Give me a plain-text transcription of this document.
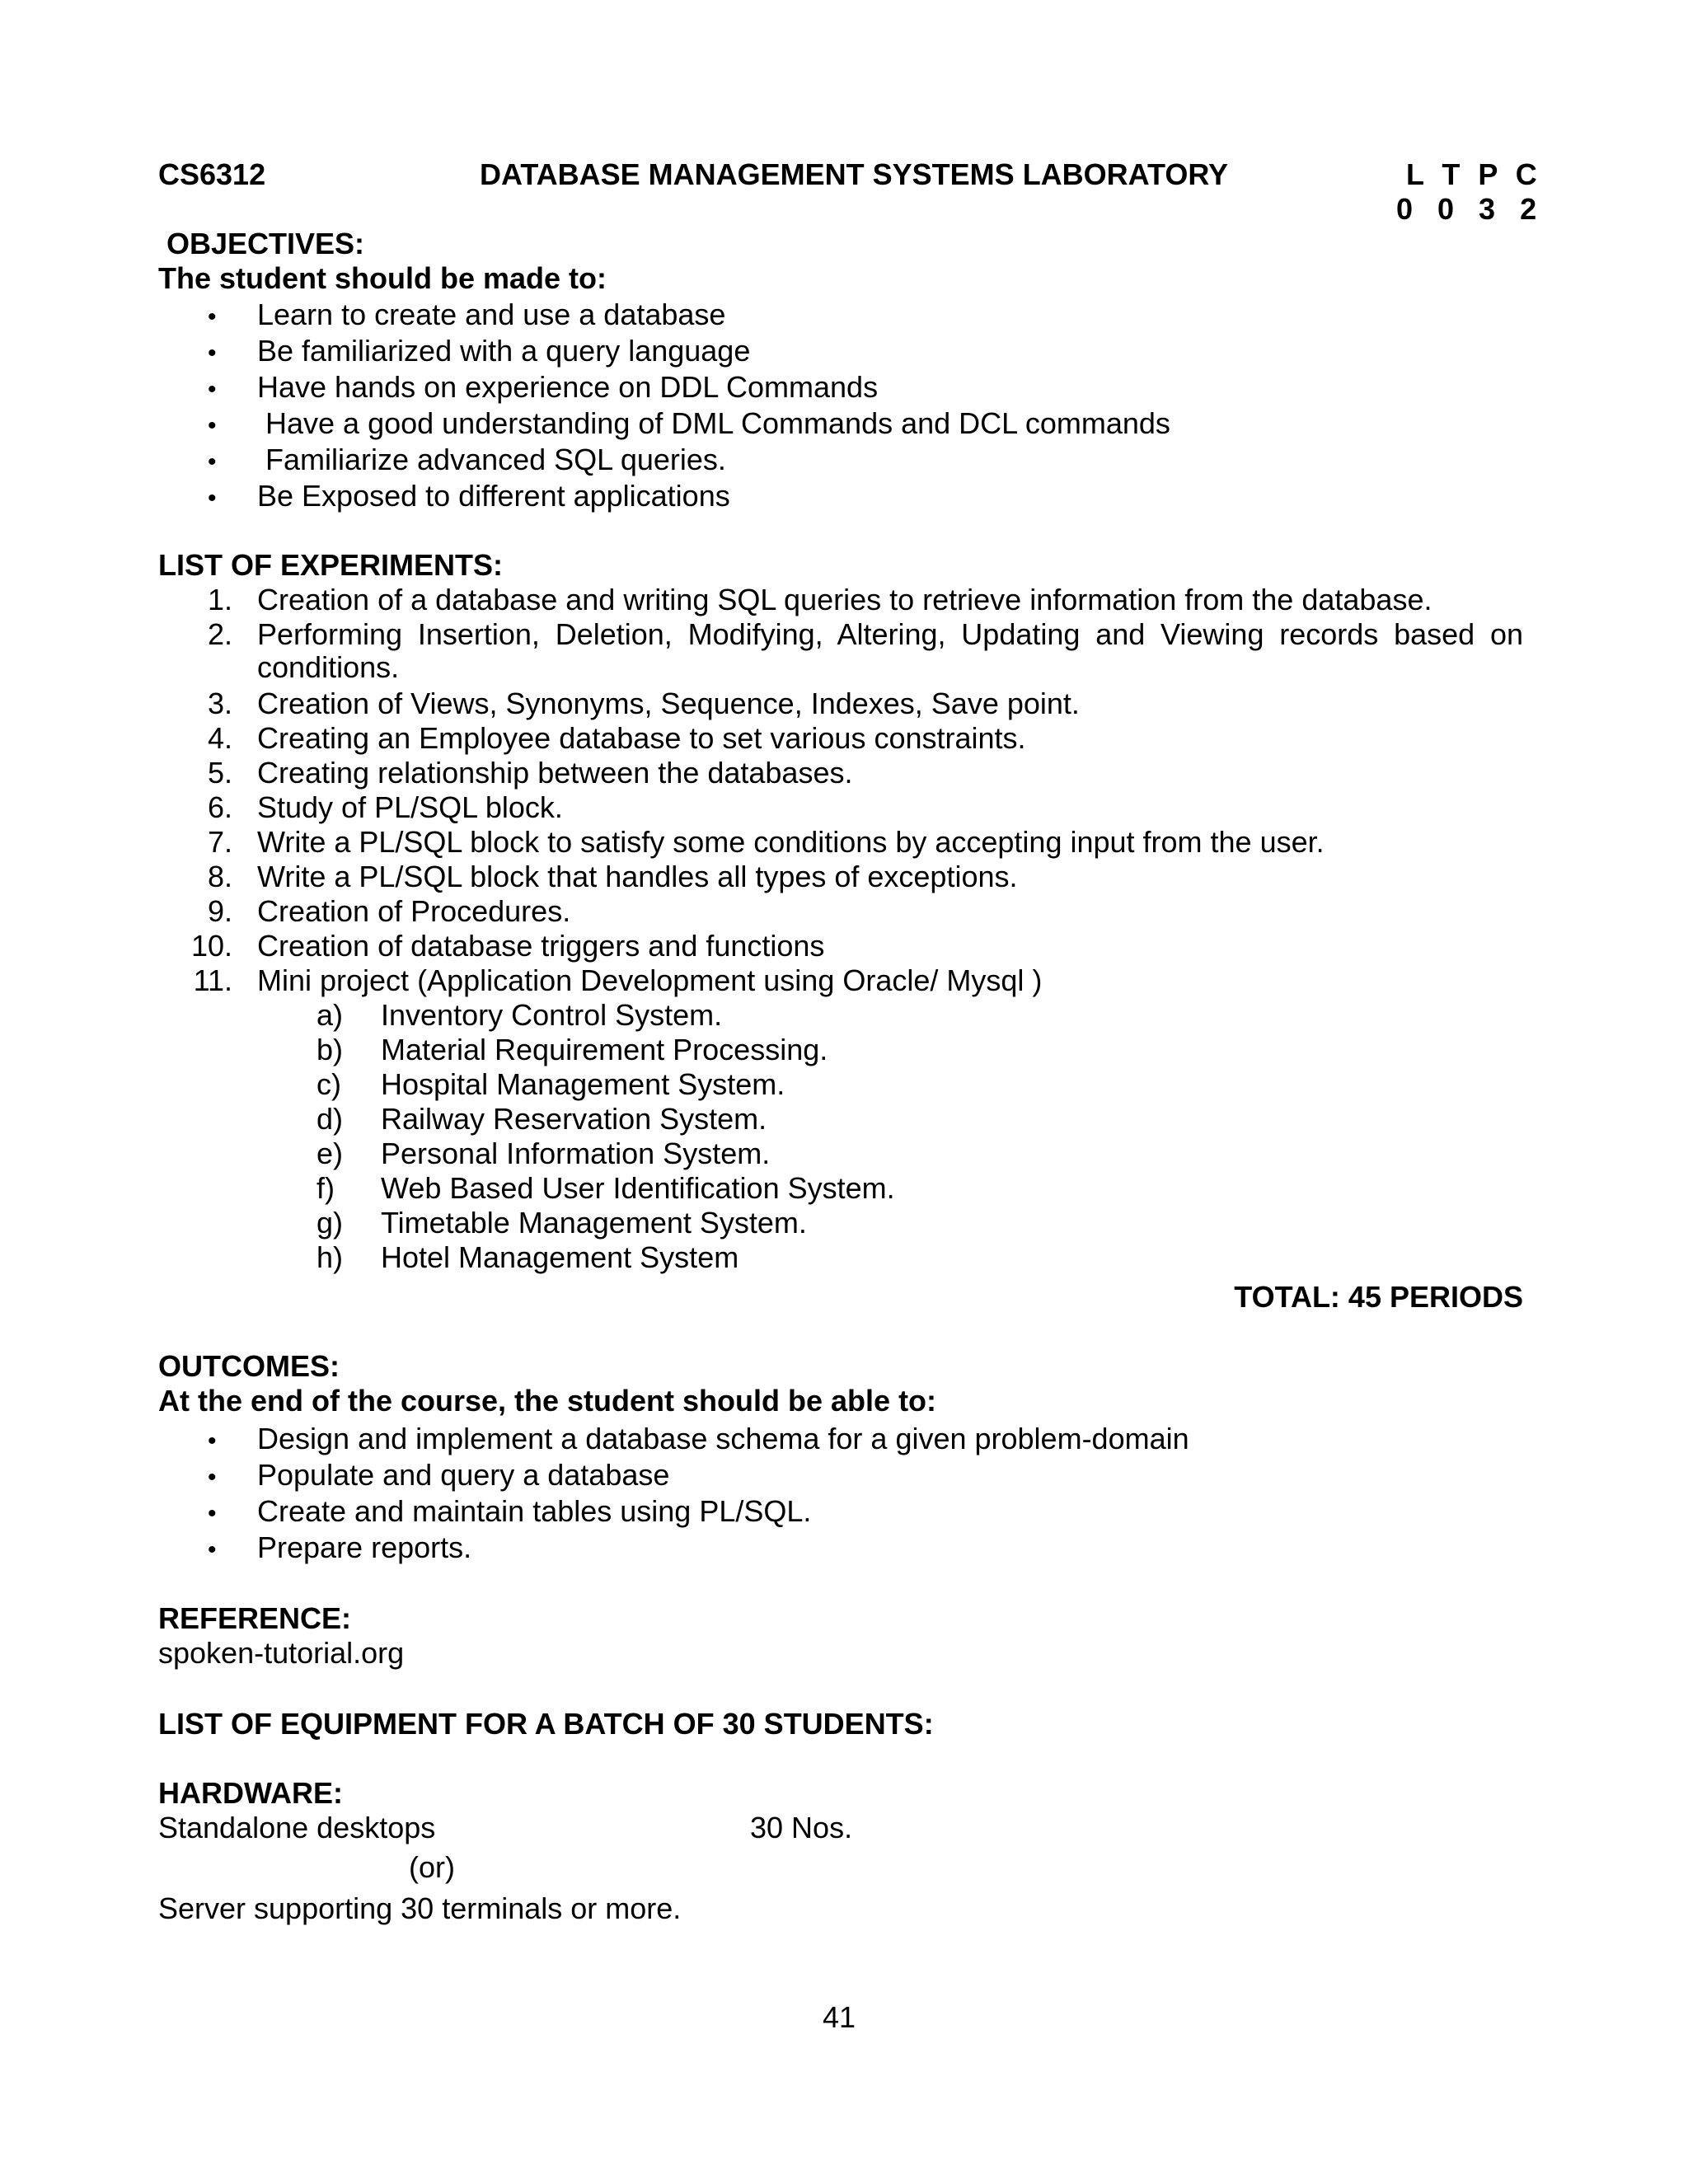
CS6312	DATABASE MANAGEMENT SYSTEMS LABORATORY	L T P C
0 0 3 2
OBJECTIVES:
The student should be made to:
• Learn to create and use a database
• Be familiarized with a query language
• Have hands on experience on DDL Commands
• Have a good understanding of DML Commands and DCL commands
• Familiarize advanced SQL queries.
• Be Exposed to different applications
LIST OF EXPERIMENTS:
1. Creation of a database and writing SQL queries to retrieve information from the database.
2. Performing Insertion, Deletion, Modifying, Altering, Updating and Viewing records based on conditions.
3. Creation of Views, Synonyms, Sequence, Indexes, Save point.
4. Creating an Employee database to set various constraints.
5. Creating relationship between the databases.
6. Study of PL/SQL block.
7. Write a PL/SQL block to satisfy some conditions by accepting input from the user.
8. Write a PL/SQL block that handles all types of exceptions.
9. Creation of Procedures.
10. Creation of database triggers and functions
11. Mini project (Application Development using Oracle/ Mysql )
a) Inventory Control System.
b) Material Requirement Processing.
c) Hospital Management System.
d) Railway Reservation System.
e) Personal Information System.
f) Web Based User Identification System.
g) Timetable Management System.
h) Hotel Management System
TOTAL: 45 PERIODS
OUTCOMES:
At the end of the course, the student should be able to:
• Design and implement a database schema for a given problem-domain
• Populate and query a database
• Create and maintain tables using PL/SQL.
• Prepare reports.
REFERENCE:
spoken-tutorial.org
LIST OF EQUIPMENT FOR A BATCH OF 30 STUDENTS:
HARDWARE:
Standalone desktops	30 Nos.
(or)
Server supporting 30 terminals or more.
41
